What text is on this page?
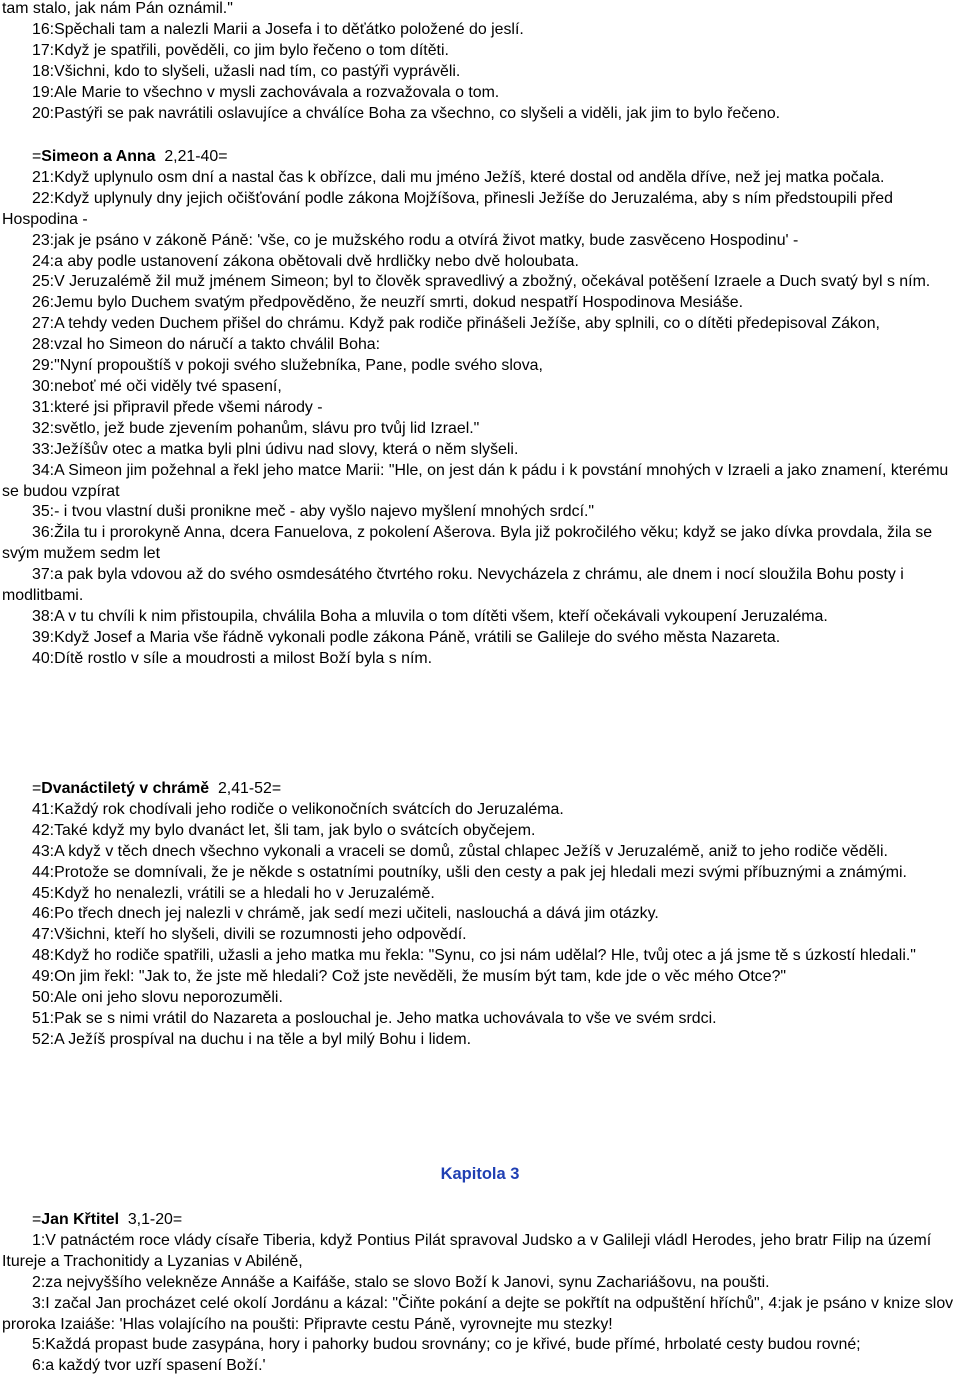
tam stalo, jak nám Pán oznámil."

16:Spěchali tam a nalezli Marii a Josefa i to děťátko položené do jeslí.

17:Když je spatřili, pověděli, co jim bylo řečeno o tom dítěti.

18:Všichni, kdo to slyšeli, užasli nad tím, co pastýři vyprávěli.

19:Ale Marie to všechno v mysli zachovávala a rozvažovala o tom.

20:Pastýři se pak navrátili oslavujíce a chválíce Boha za všechno, co slyšeli a viděli, jak jim to bylo řečeno.

=Simeon a Anna  2,21-40=

21:Když uplynulo osm dní a nastal čas k obřízce, dali mu jméno Ježíš, které dostal od anděla dříve, než jej matka počala.

22:Když uplynuly dny jejich očišťování podle zákona Mojžíšova, přinesli Ježíše do Jeruzaléma, aby s ním předstoupili před Hospodina -

23:jak je psáno v zákoně Páně: 'vše, co je mužského rodu a otvírá život matky, bude zasvěceno Hospodinu' -

24:a aby podle ustanovení zákona obětovali dvě hrdličky nebo dvě holoubata.

25:V Jeruzalémě žil muž jménem Simeon; byl to člověk spravedlivý a zbožný, očekával potěšení Izraele a Duch svatý byl s ním.

26:Jemu bylo Duchem svatým předpověděno, že neuzří smrti, dokud nespatří Hospodinova Mesiáše.

27:A tehdy veden Duchem přišel do chrámu. Když pak rodiče přinášeli Ježíše, aby splnili, co o dítěti předepisoval Zákon,

28:vzal ho Simeon do náručí a takto chválil Boha:

29:"Nyní propouštíš v pokoji svého služebníka, Pane, podle svého slova,

30:neboť mé oči viděly tvé spasení,

31:které jsi připravil přede všemi národy -

32:světlo, jež bude zjevením pohanům, slávu pro tvůj lid Izrael."

33:Ježíšův otec a matka byli plni údivu nad slovy, která o něm slyšeli.

34:A Simeon jim požehnal a řekl jeho matce Marii: "Hle, on jest dán k pádu i k povstání mnohých v Izraeli a jako znamení, kterému se budou vzpírat

35:- i tvou vlastní duši pronikne meč - aby vyšlo najevo myšlení mnohých srdcí."

36:Žila tu i prorokyně Anna, dcera Fanuelova, z pokolení Ašerova. Byla již pokročilého věku; když se jako dívka provdala, žila se svým mužem sedm let

37:a pak byla vdovou až do svého osmdesátého čtvrtého roku. Nevycházela z chrámu, ale dnem i nocí sloužila Bohu posty i modlitbami.

38:A v tu chvíli k nim přistoupila, chválila Boha a mluvila o tom dítěti všem, kteří očekávali vykoupení Jeruzaléma.

39:Když Josef a Maria vše řádně vykonali podle zákona Páně, vrátili se Galileje do svého města Nazareta.

40:Dítě rostlo v síle a moudrosti a milost Boží byla s ním.

=Dvanáctiletý v chrámě  2,41-52=

41:Každý rok chodívali jeho rodiče o velikonočních svátcích do Jeruzaléma.

42:Také když my bylo dvanáct let, šli tam, jak bylo o svátcích obyčejem.

43:A když v těch dnech všechno vykonali a vraceli se domů, zůstal chlapec Ježíš v Jeruzalémě, aniž to jeho rodiče věděli.

44:Protože se domnívali, že je někde s ostatními poutníky, ušli den cesty a pak jej hledali mezi svými příbuznými a známými.

45:Když ho nenalezli, vrátili se a hledali ho v Jeruzalémě.

46:Po třech dnech jej nalezli v chrámě, jak sedí mezi učiteli, naslouchá a dává jim otázky.

47:Všichni, kteří ho slyšeli, divili se rozumnosti jeho odpovědí.

48:Když ho rodiče spatřili, užasli a jeho matka mu řekla: "Synu, co jsi nám udělal? Hle, tvůj otec a já jsme tě s úzkostí hledali."

49:On jim řekl: "Jak to, že jste mě hledali? Což jste nevěděli, že musím být tam, kde jde o věc mého Otce?"

50:Ale oni jeho slovu neporozuměli.

51:Pak se s nimi vrátil do Nazareta a poslouchal je. Jeho matka uchovávala to vše ve svém srdci.

52:A Ježíš prospíval na duchu i na těle a byl milý Bohu i lidem.

Kapitola 3

=Jan Křtitel  3,1-20=

1:V patnáctém roce vlády císaře Tiberia, když Pontius Pilát spravoval Judsko a v Galileji vládl Herodes, jeho bratr Filip na území Itureje a Trachonitidy a Lyzanias v Abiléně,

2:za nejvyššího velekněze Annáše a Kaifáše, stalo se slovo Boží k Janovi, synu Zachariášovu, na poušti.

3:I začal Jan procházet celé okolí Jordánu a kázal: "Čiňte pokání a dejte se pokřtít na odpuštění hříchů", 4:jak je psáno v knize slov proroka Izaiáše: 'Hlas volajícího na poušti: Připravte cestu Páně, vyrovnejte mu stezky!

5:Každá propast bude zasypána, hory i pahorky budou srovnány; co je křivé, bude přímé, hrbolaté cesty budou rovné;

6:a každý tvor uzří spasení Boží.'
